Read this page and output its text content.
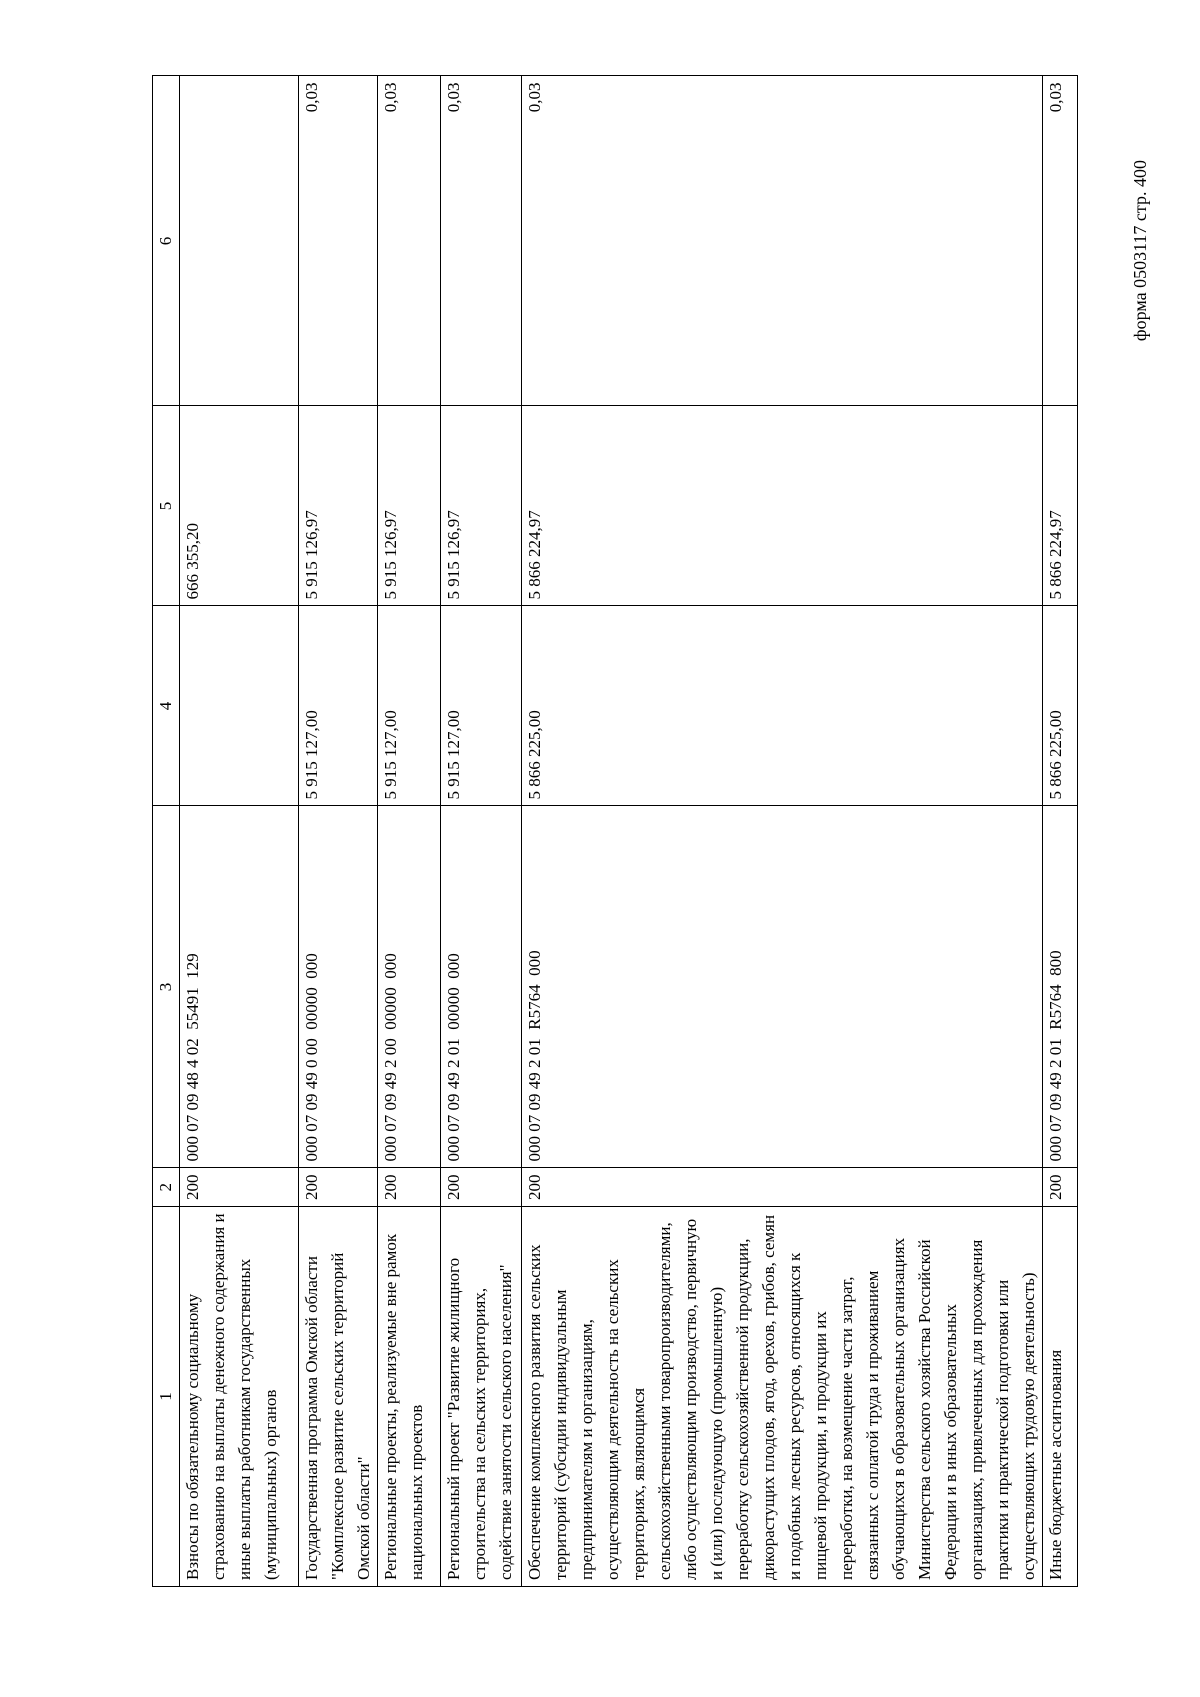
форма 0503117 стр. 400
1	2	3	4	5	6
Взносы по обязательному социальному страхованию на выплаты денежного содержания и иные выплаты работникам государственных (муниципальных) органов	200	000 07 09 48 4 02  55491  129		666 355,20	
Государственная программа Омской области "Комплексное развитие сельских территорий Омской области"	200	000 07 09 49 0 00  00000  000	5 915 127,00	5 915 126,97	0,03
Региональные проекты, реализуемые вне рамок национальных проектов	200	000 07 09 49 2 00  00000  000	5 915 127,00	5 915 126,97	0,03
Региональный проект "Развитие жилищного строительства на сельских территориях, содействие занятости сельского населения"	200	000 07 09 49 2 01  00000  000	5 915 127,00	5 915 126,97	0,03
Обеспечение комплексного развития сельских территорий (субсидии индивидуальным предпринимателям и организациям, осуществляющим деятельность на сельских территориях, являющимся сельскохозяйственными товаропроизводителями, либо осуществляющим производство, первичную и (или) последующую (промышленную) переработку сельскохозяйственной продукции, дикорастущих плодов, ягод, орехов, грибов, семян и подобных лесных ресурсов, относящихся к пищевой продукции, и продукции их переработки, на возмещение части затрат, связанных с оплатой труда и проживанием обучающихся в образовательных организациях Министерства сельского хозяйства Российской Федерации и в иных образовательных организациях, привлеченных для прохождения практики и практической подготовки или осуществляющих трудовую деятельность)	200	000 07 09 49 2 01  R5764  000	5 866 225,00	5 866 224,97	0,03
Иные бюджетные ассигнования	200	000 07 09 49 2 01  R5764  800	5 866 225,00	5 866 224,97	0,03
